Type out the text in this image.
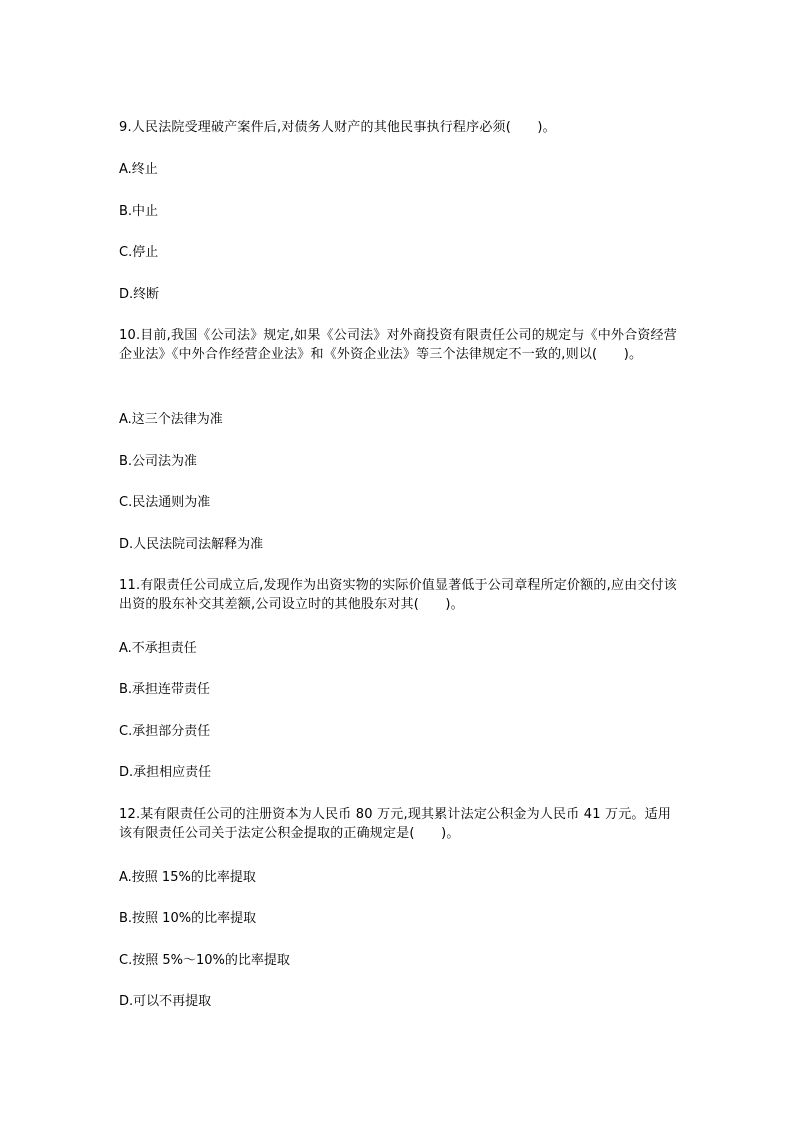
9.人民法院受理破产案件后,对债务人财产的其他民事执行程序必须(　　)。
A.终止
B.中止
C.停止
D.终断
10.目前,我国《公司法》规定,如果《公司法》对外商投资有限责任公司的规定与《中外合资经营企业法》《中外合作经营企业法》和《外资企业法》等三个法律规定不一致的,则以(　　)。
A.这三个法律为准
B.公司法为准
C.民法通则为准
D.人民法院司法解释为准
11.有限责任公司成立后,发现作为出资实物的实际价值显著低于公司章程所定价额的,应由交付该出资的股东补交其差额,公司设立时的其他股东对其(　　)。
A.不承担责任
B.承担连带责任
C.承担部分责任
D.承担相应责任
12.某有限责任公司的注册资本为人民币 80 万元,现其累计法定公积金为人民币 41 万元。适用该有限责任公司关于法定公积金提取的正确规定是(　　)。
A.按照 15%的比率提取
B.按照 10%的比率提取
C.按照 5%～10%的比率提取
D.可以不再提取
